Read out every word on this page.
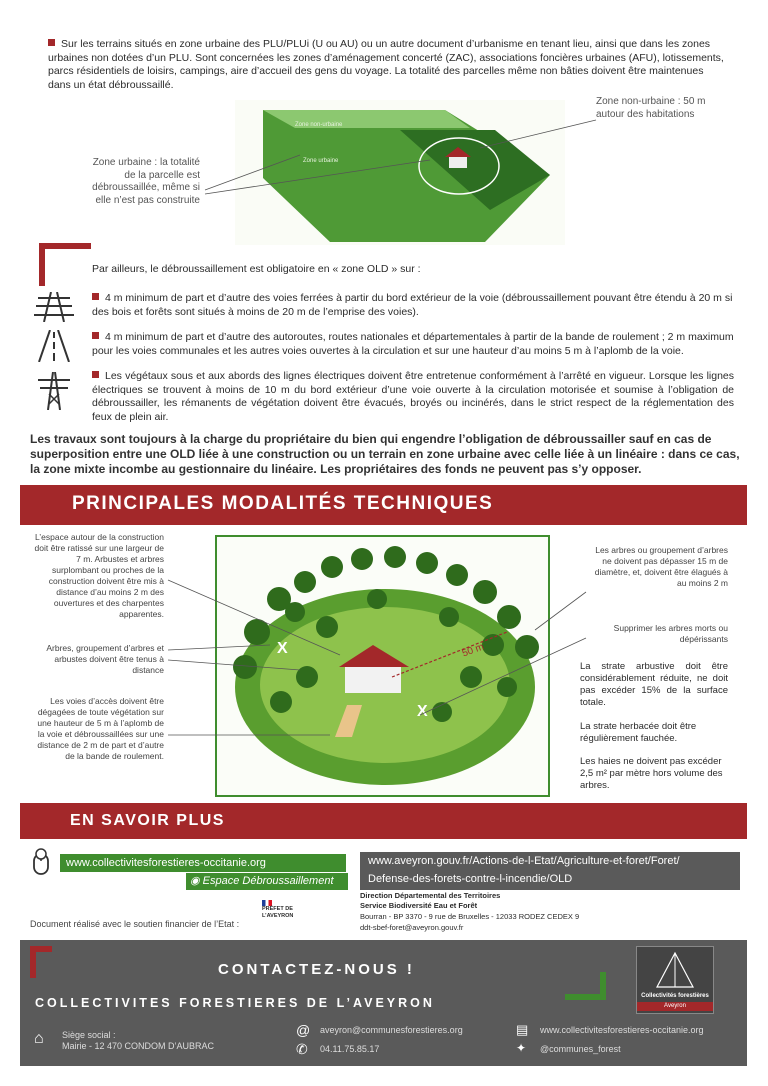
Sur les terrains situés en zone urbaine des PLU/PLUi (U ou AU) ou un autre document d’urbanisme en tenant lieu, ainsi que dans les zones urbaines non dotées d’un PLU. Sont concernées les zones d’aménagement concerté (ZAC), associations foncières urbaines (AFU), lotissements, parcs résidentiels de loisirs, campings, aire d’accueil des gens du voyage. La totalité des parcelles même non bâties doivent être maintenues dans un état débroussaillé.
Zone non-urbaine
Zone urbaine
Zone non-urbaine : 50 m autour des habitations
Zone urbaine : la totalité de la parcelle est débroussaillée, même si elle n’est pas construite
Par ailleurs, le débroussaillement est obligatoire en « zone OLD » sur :
4 m minimum de part et d’autre des voies ferrées à partir du bord extérieur de la voie (débroussaillement pouvant être étendu à 20 m si des bois et forêts sont situés à moins de 20 m de l’emprise des voies).
4 m minimum de part et d’autre des autoroutes, routes nationales et départementales à partir de la bande de roulement ; 2 m maximum pour les voies communales et les autres voies ouvertes à la circulation et sur une hauteur d’au moins 5 m à l’aplomb de la voie.
Les végétaux sous et aux abords des lignes électriques doivent être entretenue conformément à l’arrêté en vigueur. Lorsque les lignes électriques se trouvent à moins de 10 m du bord extérieur d’une voie ouverte à la circulation motorisée et soumise à l’obligation de débroussailler, les rémanents de végétation doivent être évacués, broyés ou incinérés, dans le strict respect de la réglementation des feux de plein air.
Les travaux sont toujours à la charge du propriétaire du bien qui engendre l’obligation de débroussailler sauf en cas de superposition entre une OLD liée à une construction ou un terrain en zone urbaine avec celle liée à un linéaire : dans ce cas, la zone mixte incombe au gestionnaire du linéaire. Les propriétaires des fonds ne peuvent pas s’y opposer.
PRINCIPALES MODALITÉS TECHNIQUES
50 m
X
X
L’espace autour de la construction doit être ratissé sur une largeur de 7 m. Arbustes et arbres surplombant ou proches de la construction doivent être mis à distance d’au moins 2 m des ouvertures et des charpentes apparentes.
Arbres, groupement d’arbres et arbustes doivent être tenus à distance
Les voies d’accès doivent être dégagées de toute végétation sur une hauteur de 5 m à l’aplomb de la voie et débroussaillées sur une distance de 2 m de part et d’autre de la bande de roulement.
Les arbres ou groupement d’arbres ne doivent pas dépasser 15 m de diamètre, et, doivent être élagués à au moins 2 m
Supprimer les arbres morts ou dépérissants
La strate arbustive doit être considérablement réduite, ne doit pas excéder 15% de la surface totale.
La strate herbacée doit être régulièrement fauchée.
Les haies ne doivent pas excéder 2,5 m² par mètre hors volume des arbres.
EN SAVOIR PLUS
www.collectivitesforestieres-occitanie.org
◉ Espace Débroussaillement
www.aveyron.gouv.fr/Actions-de-l-Etat/Agriculture-et-foret/Foret/
Defense-des-forets-contre-l-incendie/OLD
Direction Départemental des Territoires
Service Biodiversité Eau et Forêt
Bourran - BP 3370 - 9 rue de Bruxelles - 12033 RODEZ CEDEX 9
ddt-sbef-foret@aveyron.gouv.fr
Document réalisé avec le soutien financier de l’Etat :
PRÉFET DE L’AVEYRON
CONTACTEZ-NOUS !
COLLECTIVITES FORESTIERES DE L’AVEYRON	Collectivités forestières
Aveyron
⌂ Siège social :
Mairie - 12 470 CONDOM D’AUBRAC
@ aveyron@communesforestieres.org
✆ 04.11.75.85.17
▤ www.collectivitesforestieres-occitanie.org
✦ @communes_forest
